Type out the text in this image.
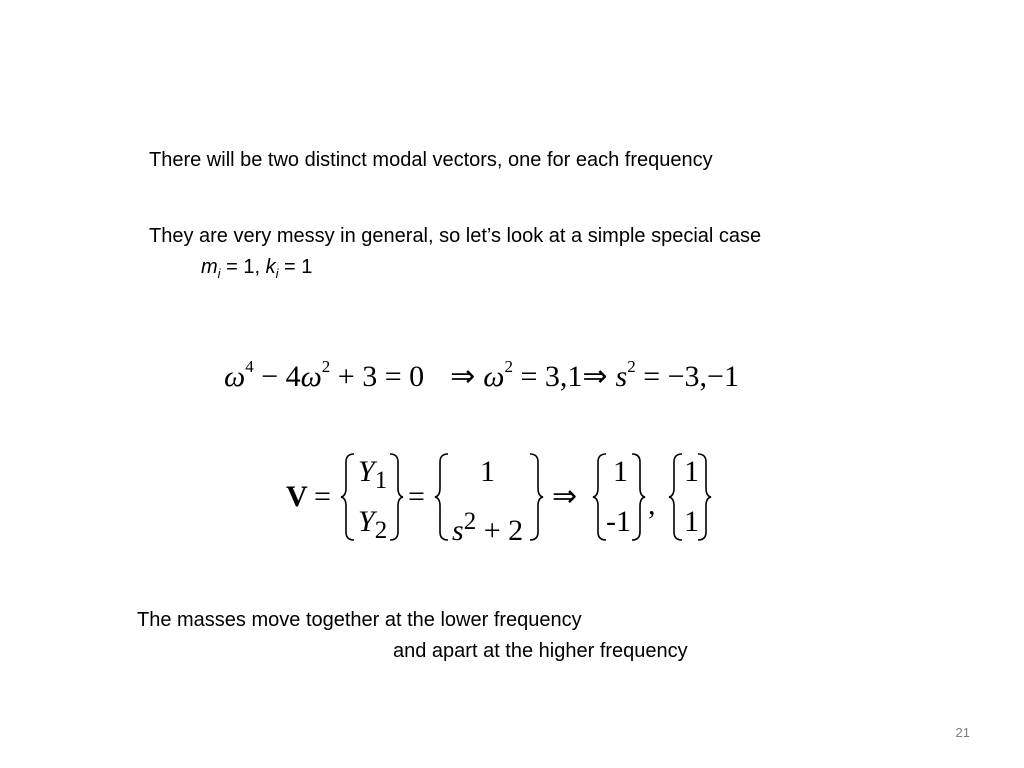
There will be two distinct modal vectors, one for each frequency
They are very messy in general, so let’s look at a simple special case
$m_i = 1$, $k_i = 1$
$\omega^4 - 4\omega^2 + 3 = 0$ ⇒ $\omega^2$ = 3,1⇒ $s^2 = -3,-1$
V =
$Y_1$
$Y_2$
=
1
$s^2 + 2$
⇒
1
-1
,
1
1
The masses move together at the lower frequency
and apart at the higher frequency
21
